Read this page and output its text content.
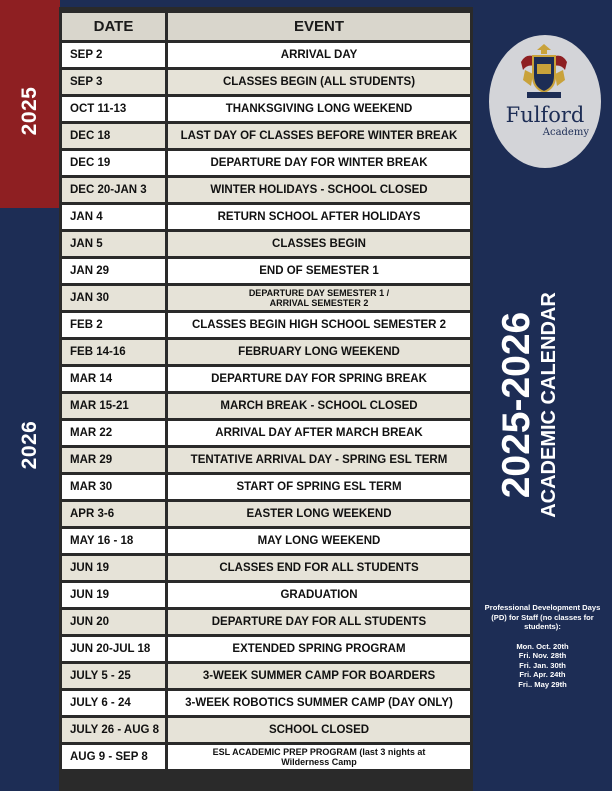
2025
2026
DATE	EVENT
SEP 2	ARRIVAL DAY
SEP 3	CLASSES BEGIN (ALL STUDENTS)
OCT 11-13	THANKSGIVING LONG WEEKEND
DEC 18	LAST DAY OF CLASSES BEFORE WINTER BREAK
DEC 19	DEPARTURE DAY FOR WINTER BREAK
DEC 20-JAN 3	WINTER HOLIDAYS - SCHOOL CLOSED
JAN 4	RETURN SCHOOL AFTER HOLIDAYS
JAN 5	CLASSES BEGIN
JAN 29	END OF SEMESTER 1
JAN 30	DEPARTURE DAY SEMESTER 1 /
ARRIVAL SEMESTER 2
FEB 2	CLASSES BEGIN HIGH SCHOOL SEMESTER 2
FEB 14-16	FEBRUARY LONG WEEKEND
MAR 14	DEPARTURE DAY FOR SPRING BREAK
MAR 15-21	MARCH BREAK - SCHOOL CLOSED
MAR 22	ARRIVAL DAY AFTER MARCH BREAK
MAR 29	TENTATIVE ARRIVAL DAY - SPRING ESL TERM
MAR 30	START OF SPRING ESL TERM
APR 3-6	EASTER LONG WEEKEND
MAY 16 - 18	MAY LONG WEEKEND
JUN 19	CLASSES END FOR ALL STUDENTS
JUN 19	GRADUATION
JUN 20	DEPARTURE DAY FOR ALL STUDENTS
JUN 20-JUL 18	EXTENDED SPRING PROGRAM
JULY 5 - 25	3-WEEK SUMMER CAMP FOR BOARDERS
JULY 6 - 24	3-WEEK ROBOTICS SUMMER CAMP (DAY ONLY)
JULY 26 - AUG 8	SCHOOL CLOSED
AUG 9 - SEP 8	ESL ACADEMIC PREP PROGRAM (last 3 nights at
Wilderness Camp
Fulford
Academy
2025-2026 ACADEMIC CALENDAR
Professional Development Days (PD) for Staff (no classes for students):
Mon. Oct. 20th
Fri. Nov. 28th
Fri. Jan. 30th
Fri. Apr. 24th
Fri.. May 29th
